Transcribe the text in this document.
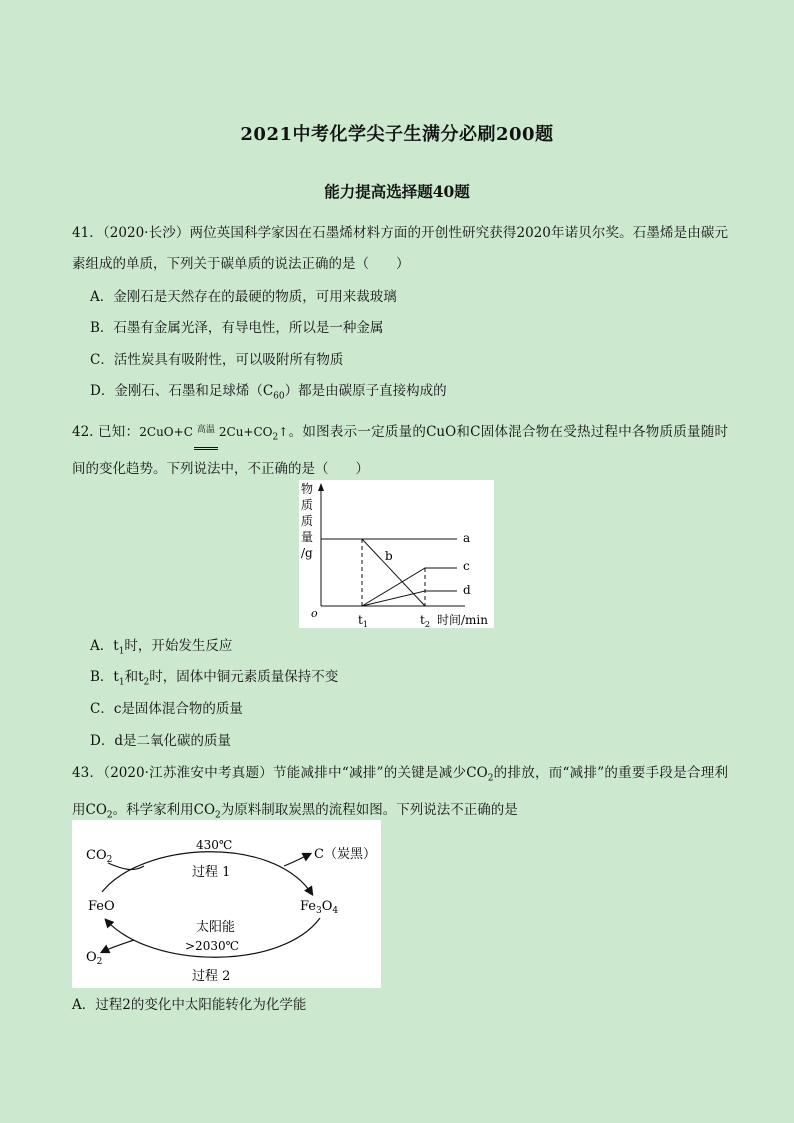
2021中考化学尖子生满分必刷200题
能力提高选择题40题
41．（2020·长沙）两位英国科学家因在石墨烯材料方面的开创性研究获得2020年诺贝尔奖。石墨烯是由碳元素组成的单质，下列关于碳单质的说法正确的是（　　）
A．金刚石是天然存在的最硬的物质，可用来裁玻璃
B．石墨有金属光泽，有导电性，所以是一种金属
C．活性炭具有吸附性，可以吸附所有物质
D．金刚石、石墨和足球烯$(C_{60})$都是由碳原子直接构成的
42. 已知：2CuO+C 高温 $2Cu+CO_2↑$。如图表示一定质量的CuO和C固体混合物在受热过程中各物质质量随时间的变化趋势。下列说法中，不正确的是（　　）
物
质
质
量
/g
o
a
b
c
d
$t_1$	$t_2$ 时间/min
A．$t_1$时，开始发生反应
B．$t_1$和$t_2$时，固体中铜元素质量保持不变
C．c是固体混合物的质量
D．d是二氧化碳的质量
43．（2020·江苏淮安中考真题）节能减排中“减排”的关键是减少$CO_2$的排放，而“减排”的重要手段是合理利用$CO_2$。科学家利用$CO_2$为原料制取炭黑的流程如图。下列说法不正确的是
$CO_2$
430℃
过程 1
C（炭黑）
FeO	$Fe_3O_4$
太阳能
>2030℃
$O_2$
过程 2
A．过程2的变化中太阳能转化为化学能
